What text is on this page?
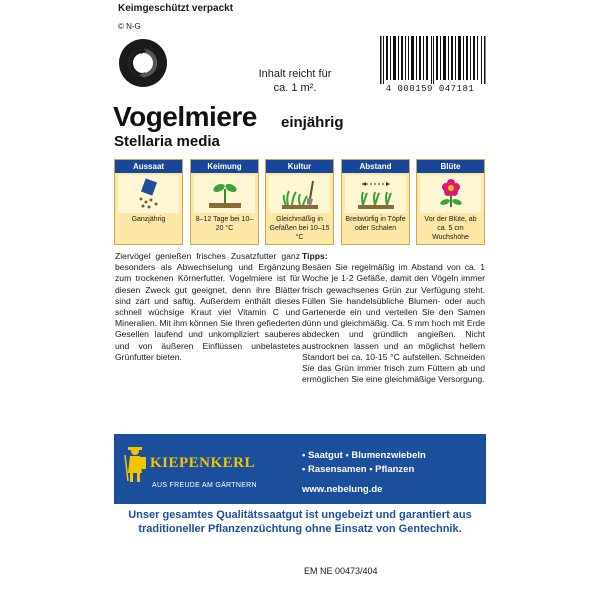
Keimgeschützt verpackt
© N-G
Inhalt reicht für
ca. 1 m².	4 000159 047181
Vogelmiere einjährig
Stellaria media
Aussaat
Ganzjährig
Keimung
8–12 Tage bei 10–20 °C
Kultur
Gleichmäßig in Gefäßen bei 10–15 °C
Abstand
Breitwürfig in Töpfe oder Schalen
Blüte
Vor der Blüte, ab ca. 5 cm Wuchshöhe
Ziervögel genießen frisches Zusatzfutter ganz besonders als Abwechselung und Ergänzung zum trockenen Körnerfutter. Vogelmiere ist für diesen Zweck gut geeignet, denn ihre Blätter sind zart und saftig. Außerdem enthält dieses schnell wüchsige Kraut viel Vitamin C und Mineralien. Mit ihm können Sie Ihren gefiederten Gesellen laufend und unkompliziert sauberes und von äußeren Einflüssen unbelastetes Grünfutter bieten.
Tipps:
Besäen Sie regelmäßig im Abstand von ca. 1 Woche je 1-2 Gefäße, damit den Vögeln immer frisch gewachsenes Grün zur Verfügung steht. Füllen Sie handelsübliche Blumen- oder auch Gartenerde ein und verteilen Sie den Samen dünn und gleichmäßig. Ca. 5 mm hoch mit Erde abdecken und gründlich angießen. Nicht austrocknen lassen und an möglichst hellem Standort bei ca. 10-15 °C aufstellen. Schneiden Sie das Grün immer frisch zum Füttern ab und ermöglichen Sie eine gleichmäßige Versorgung.
KIEPENKERL
AUS FREUDE AM GÄRTNERN
• Saatgut • Blumenzwiebeln
• Rasensamen • Pflanzen
www.nebelung.de
Unser gesamtes Qualitätssaatgut ist ungebeizt und garantiert aus
traditioneller Pflanzenzüchtung ohne Einsatz von Gentechnik.
EM NE 00473/404
